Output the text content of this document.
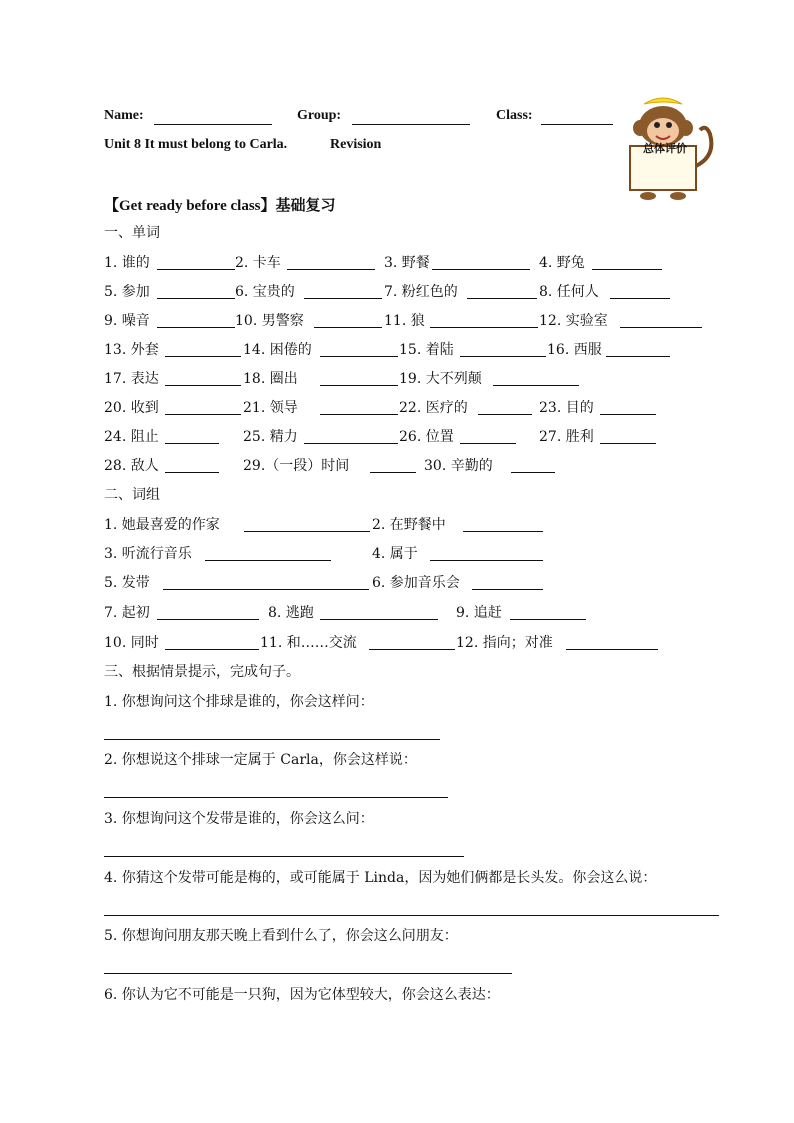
Name:	Group:	Class:
Unit 8 It must belong to Carla.	Revision	总体评价
【Get ready before class】基础复习
一、单词
1. 谁的	2. 卡车	3. 野餐	4. 野兔
5. 参加	6. 宝贵的	7. 粉红色的	8. 任何人
9. 噪音	10. 男警察	11. 狼	12. 实验室
13. 外套	14. 困倦的	15. 着陆	16. 西服
17. 表达	18. 圈出	19. 大不列颠
20. 收到	21. 领导	22. 医疗的	23. 目的
24. 阻止	25. 精力	26. 位置	27. 胜利
28. 敌人	29.（一段）时间	30. 辛勤的
二、词组
1. 她最喜爱的作家	2. 在野餐中
3. 听流行音乐	4. 属于
5. 发带	6. 参加音乐会
7. 起初	8. 逃跑	9. 追赶
10. 同时	11. 和……交流	12. 指向；对准
三、根据情景提示，完成句子。
1. 你想询问这个排球是谁的，你会这样问：
2. 你想说这个排球一定属于 Carla，你会这样说：
3. 你想询问这个发带是谁的，你会这么问：
4. 你猜这个发带可能是梅的，或可能属于 Linda，因为她们俩都是长头发。你会这么说：
5. 你想询问朋友那天晚上看到什么了，你会这么问朋友：
6. 你认为它不可能是一只狗，因为它体型较大，你会这么表达：
